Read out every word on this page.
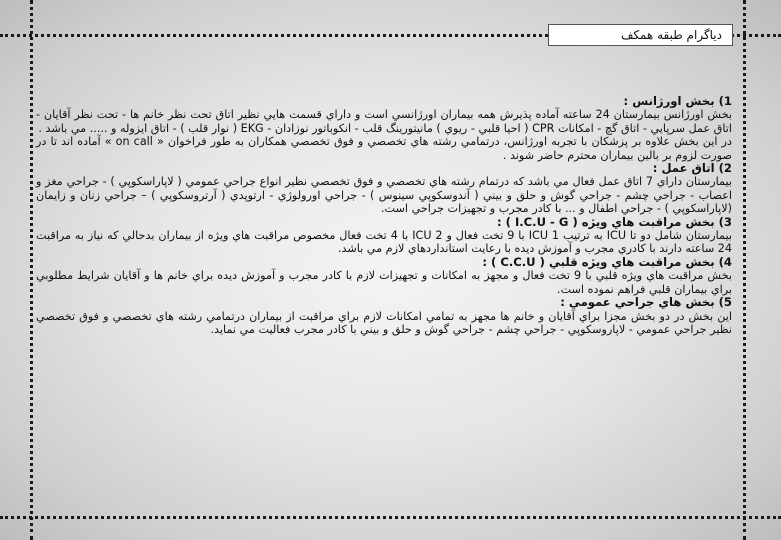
دیاگرام طبقه همکف

1) بخش اورژانس :

بخش اورژانس بيمارستان 24 ساعته آماده پذيرش همه بيماران اورژانسي است و داراي قسمت هايي نظير اتاق تحت نظر خانم ها - تحت نظر آقايان - اتاق عمل سرپايي - اتاق گچ - امكانات CPR ( احيا قلبي - ريوي ) مانيتورينگ قلب - انكوباتور نوزادان - EKG ( نوار قلب ) - اتاق ايزوله و ..... مي باشد .

در اين بخش علاوه بر پزشكان با تجربه اورژانس، درتمامي رشته هاي تخصصي و فوق تخصصي همكاران به طور فراخوان « on call » آماده اند تا در صورت لزوم بر بالين بيماران محترم حاضر شوند .

2) اتاق عمل :

بيمارستان داراي 7 اتاق عمل فعال مي باشد كه درتمام رشته هاي تخصصي و فوق تخصصي نظير انواع جراحي عمومي ( لاپاراسكوپي ) - جراحي مغز و اعصاب - جراحي چشم - جراحي گوش و حلق و بيني ( آندوسكوپي سينوس ) - جراحي اورولوژي - ارتوپدي ( آرتروسكوپي ) – جراحي زنان و زايمان (لاپاراسكوپي ) - جراحي اطفال و ... با كادر مجرب و تجهيزات جراحي است.

3) بخش مراقبت هاي ويژه ( I.C.U - G ) :

بيمارستان شامل دو تا ICU به ترتيب ICU 1 با 9 تخت فعال و ICU 2 با 4 تخت فعال مخصوص مراقبت هاي ويژه از بيماران بدحالي كه نياز به مراقبت 24 ساعته دارند با كادري مجرب و آموزش ديده با رعايت استانداردهاي لازم مي باشد.

4) بخش مراقبت هاي ويژه قلبي ( C.C.U ) :

بخش مراقبت هاي ويژه قلبي با 9 تخت فعال و مجهز به امكانات و تجهيزات لازم با كادر مجرب و آموزش ديده براي خانم ها و آقايان شرايط مطلوبي براي بيماران قلبي فراهم نموده است.

5) بخش هاي جراحي عمومي :

اين بخش در دو بخش مجزا براي آقايان و خانم ها مجهز به تمامي امكانات لازم براي مراقبت از بيماران درتمامي رشته هاي تخصصي و فوق تخصصي نظير جراحي عمومي - لاپاروسكوپي - جراحي چشم - جراحي گوش و حلق و بيني با كادر مجرب فعاليت مي نمايد.
